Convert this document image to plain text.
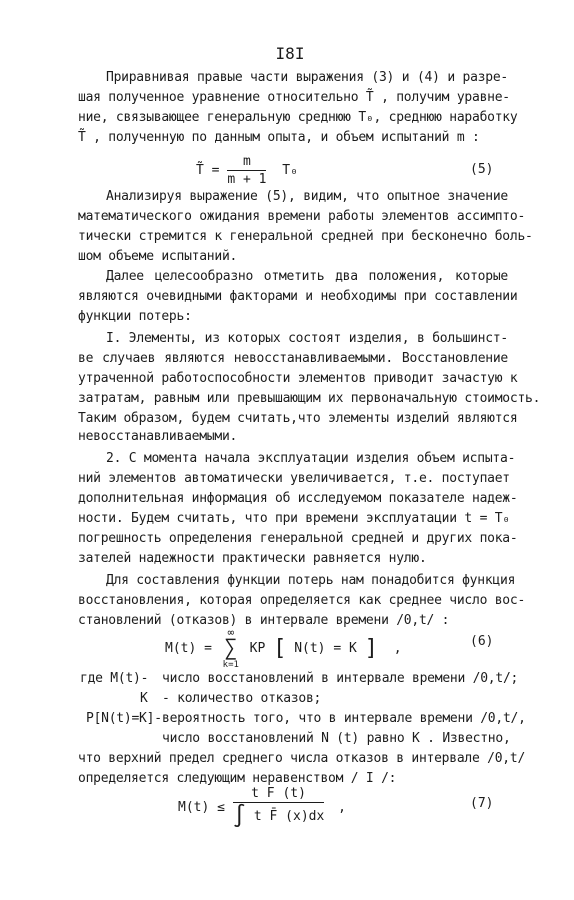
I8I
Приравнивая правые части выражения (3) и (4) и разре-
шая полученное уравнение относительно T̃ , получим уравне-
ние, связывающее генеральную среднюю T₀, среднюю наработку
T̃ , полученную по данным опыта, и объем испытаний m :
T̃ = $\frac{m}{m + 1} T_0$	(5)
Анализируя выражение (5), видим, что опытное значение
математического ожидания времени работы элементов ассимпто-
тически стремится к генеральной средней при бесконечно боль-
шом объеме испытаний.
Далее целесообразно отметить два положения, которые
являются очевидными факторами и необходимы при составлении
функции потерь:
I. Элементы, из которых состоят изделия, в большинст-
ве случаев являются невосстанавливаемыми. Восстановление
утраченной работоспособности элементов приводит зачастую к
затратам, равным или превышающим их первоначальную стоимость.
Таким образом, будем считать,что элементы изделий являются
невосстанавливаемыми.
2. С момента начала эксплуатации изделия объем испыта-
ний элементов автоматически увеличивается, т.е. поступает
дополнительная информация об исследуемом показателе надеж-
ности. Будем считать, что при времени эксплуатации t = T₀
погрешность определения генеральной средней и других пока-
зателей надежности практически равняется нулю.
Для составления функции потерь нам понадобится функция
восстановления, которая определяется как среднее число вос-
становлений (отказов) в интервале времени /0,t/ :
M(t) = ∑
∞
k=1
KP [ N(t) = K ] ,	(6)
где M(t)- число восстановлений в интервале времени /0,t/;
K - количество отказов;
P[N(t)=K]- вероятность того, что в интервале времени /0,t/,
число восстановлений N (t) равно K . Известно,
что верхний предел среднего числа отказов в интервале /0,t/
определяется следующим неравенством / I /:
$M(t) \le \frac{\text{t F (t)}}{\text{∫ t F̄ (x)dx}}$ ,	(7)
